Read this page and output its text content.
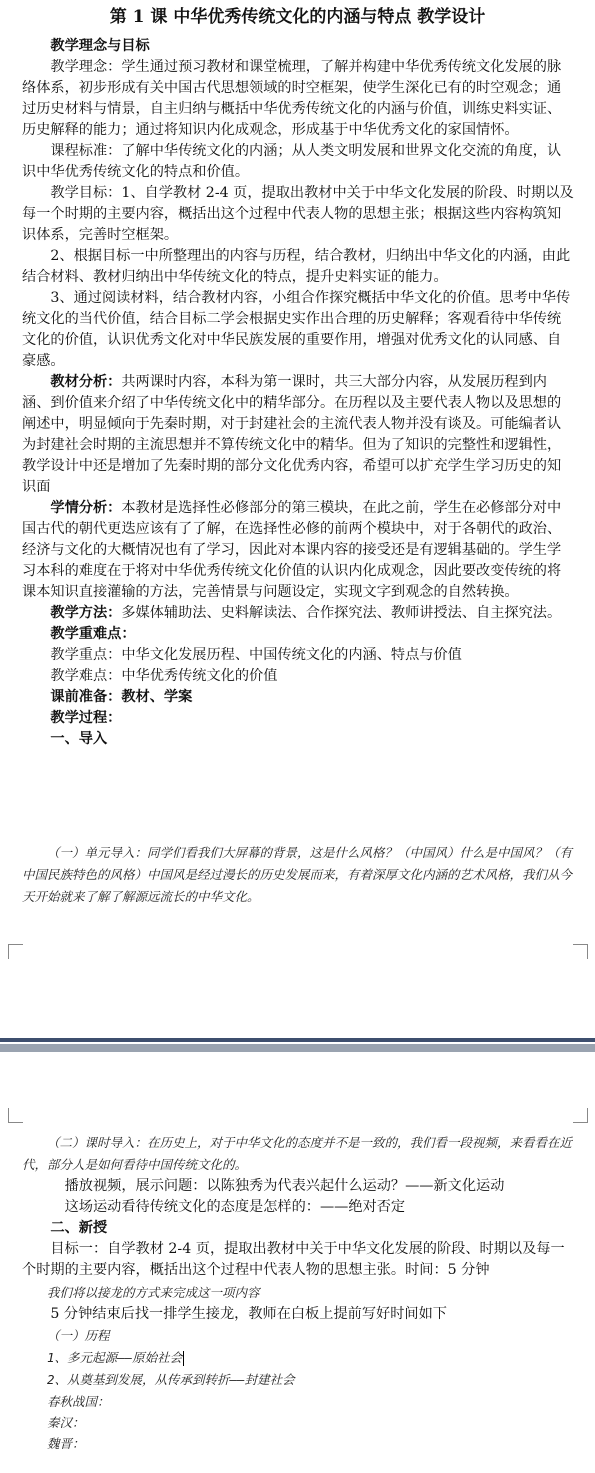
第 1 课 中华优秀传统文化的内涵与特点 教学设计

教学理念与目标

教学理念：学生通过预习教材和课堂梳理，了解并构建中华优秀传统文化发展的脉络体系，初步形成有关中国古代思想领域的时空框架，使学生深化已有的时空观念；通过历史材料与情景，自主归纳与概括中华优秀传统文化的内涵与价值，训练史料实证、历史解释的能力；通过将知识内化成观念，形成基于中华优秀文化的家国情怀。

课程标准：了解中华传统文化的内涵；从人类文明发展和世界文化交流的角度，认识中华优秀传统文化的特点和价值。

教学目标：1、自学教材 2-4 页，提取出教材中关于中华文化发展的阶段、时期以及每一个时期的主要内容，概括出这个过程中代表人物的思想主张；根据这些内容构筑知识体系，完善时空框架。

2、根据目标一中所整理出的内容与历程，结合教材，归纳出中华文化的内涵，由此结合材料、教材归纳出中华传统文化的特点，提升史料实证的能力。

3、通过阅读材料，结合教材内容，小组合作探究概括中华文化的价值。思考中华传统文化的当代价值，结合目标二学会根据史实作出合理的历史解释；客观看待中华传统文化的价值，认识优秀文化对中华民族发展的重要作用，增强对优秀文化的认同感、自豪感。

教材分析：共两课时内容，本科为第一课时，共三大部分内容，从发展历程到内涵、到价值来介绍了中华传统文化中的精华部分。在历程以及主要代表人物以及思想的阐述中，明显倾向于先秦时期，对于封建社会的主流代表人物并没有谈及。可能编者认为封建社会时期的主流思想并不算传统文化中的精华。但为了知识的完整性和逻辑性，教学设计中还是增加了先秦时期的部分文化优秀内容，希望可以扩充学生学习历史的知识面

学情分析：本教材是选择性必修部分的第三模块，在此之前，学生在必修部分对中国古代的朝代更迭应该有了了解，在选择性必修的前两个模块中，对于各朝代的政治、经济与文化的大概情况也有了学习，因此对本课内容的接受还是有逻辑基础的。学生学习本科的难度在于将对中华优秀传统文化价值的认识内化成观念，因此要改变传统的将课本知识直接灌输的方法，完善情景与问题设定，实现文字到观念的自然转换。

教学方法：多媒体辅助法、史料解读法、合作探究法、教师讲授法、自主探究法。

教学重难点：

教学重点：中华文化发展历程、中国传统文化的内涵、特点与价值

教学难点：中华优秀传统文化的价值

课前准备：教材、学案

教学过程：

一、导入

（一）单元导入：同学们看我们大屏幕的背景，这是什么风格？（中国风）什么是中国风？（有中国民族特色的风格）中国风是经过漫长的历史发展而来，有着深厚文化内涵的艺术风格，我们从今天开始就来了解了解源远流长的中华文化。

（二）课时导入：在历史上，对于中华文化的态度并不是一致的，我们看一段视频，来看看在近代，部分人是如何看待中国传统文化的。

播放视频，展示问题：以陈独秀为代表兴起什么运动？——新文化运动

这场运动看待传统文化的态度是怎样的：——绝对否定

二、新授

目标一：自学教材 2-4 页，提取出教材中关于中华文化发展的阶段、时期以及每一个时期的主要内容，概括出这个过程中代表人物的思想主张。时间：5 分钟

我们将以接龙的方式来完成这一项内容

5 分钟结束后找一排学生接龙，教师在白板上提前写好时间如下

（一）历程

1、多元起源——原始社会

2、从奠基到发展，从传承到转折——封建社会

春秋战国：

秦汉：

魏晋：
